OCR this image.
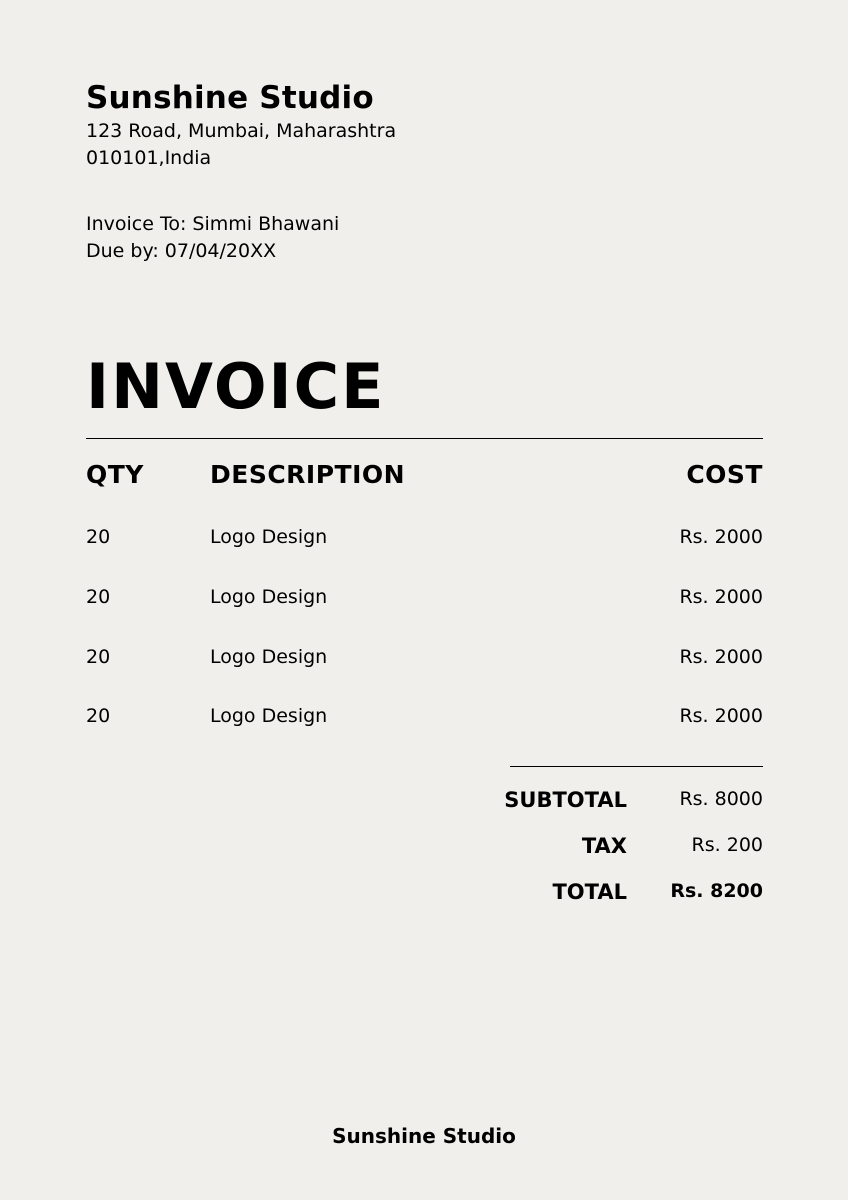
Sunshine Studio
123 Road, Mumbai, Maharashtra
010101,India
Invoice To: Simmi Bhawani
Due by: 07/04/20XX
INVOICE
QTY	DESCRIPTION	COST
20	Logo Design	Rs. 2000
20	Logo Design	Rs. 2000
20	Logo Design	Rs. 2000
20	Logo Design	Rs. 2000
SUBTOTAL	Rs. 8000
TAX	Rs. 200
TOTAL Rs. 8200
Sunshine Studio
